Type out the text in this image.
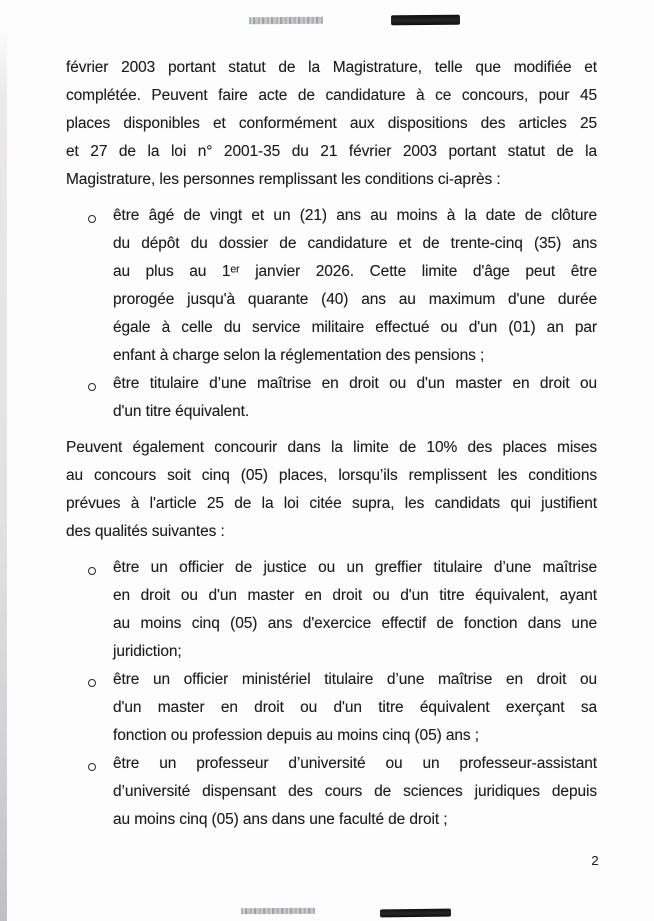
février 2003 portant statut de la Magistrature, telle que modifiée et
complétée. Peuvent faire acte de candidature à ce concours, pour 45
places disponibles et conformément aux dispositions des articles 25
et 27 de la loi n° 2001-35 du 21 février 2003 portant statut de la
Magistrature, les personnes remplissant les conditions ci-après :
être âgé de vingt et un (21) ans au moins à la date de clôture
du dépôt du dossier de candidature et de trente-cinq (35) ans
au plus au 1ᵉʳ janvier 2026. Cette limite d'âge peut être
prorogée jusqu'à quarante (40) ans au maximum d'une durée
égale à celle du service militaire effectué ou d'un (01) an par
enfant à charge selon la réglementation des pensions ;
être titulaire d’une maîtrise en droit ou d'un master en droit ou
d'un titre équivalent.
Peuvent également concourir dans la limite de 10% des places mises
au concours soit cinq (05) places, lorsqu’ils remplissent les conditions
prévues à l'article 25 de la loi citée supra, les candidats qui justifient
des qualités suivantes :
être un officier de justice ou un greffier titulaire d’une maîtrise
en droit ou d'un master en droit ou d'un titre équivalent, ayant
au moins cinq (05) ans d'exercice effectif de fonction dans une
juridiction;
être un officier ministériel titulaire d’une maîtrise en droit ou
d'un master en droit ou d'un titre équivalent exerçant sa
fonction ou profession depuis au moins cinq (05) ans ;
être un professeur d’université ou un professeur-assistant
d’université dispensant des cours de sciences juridiques depuis
au moins cinq (05) ans dans une faculté de droit ;
2
